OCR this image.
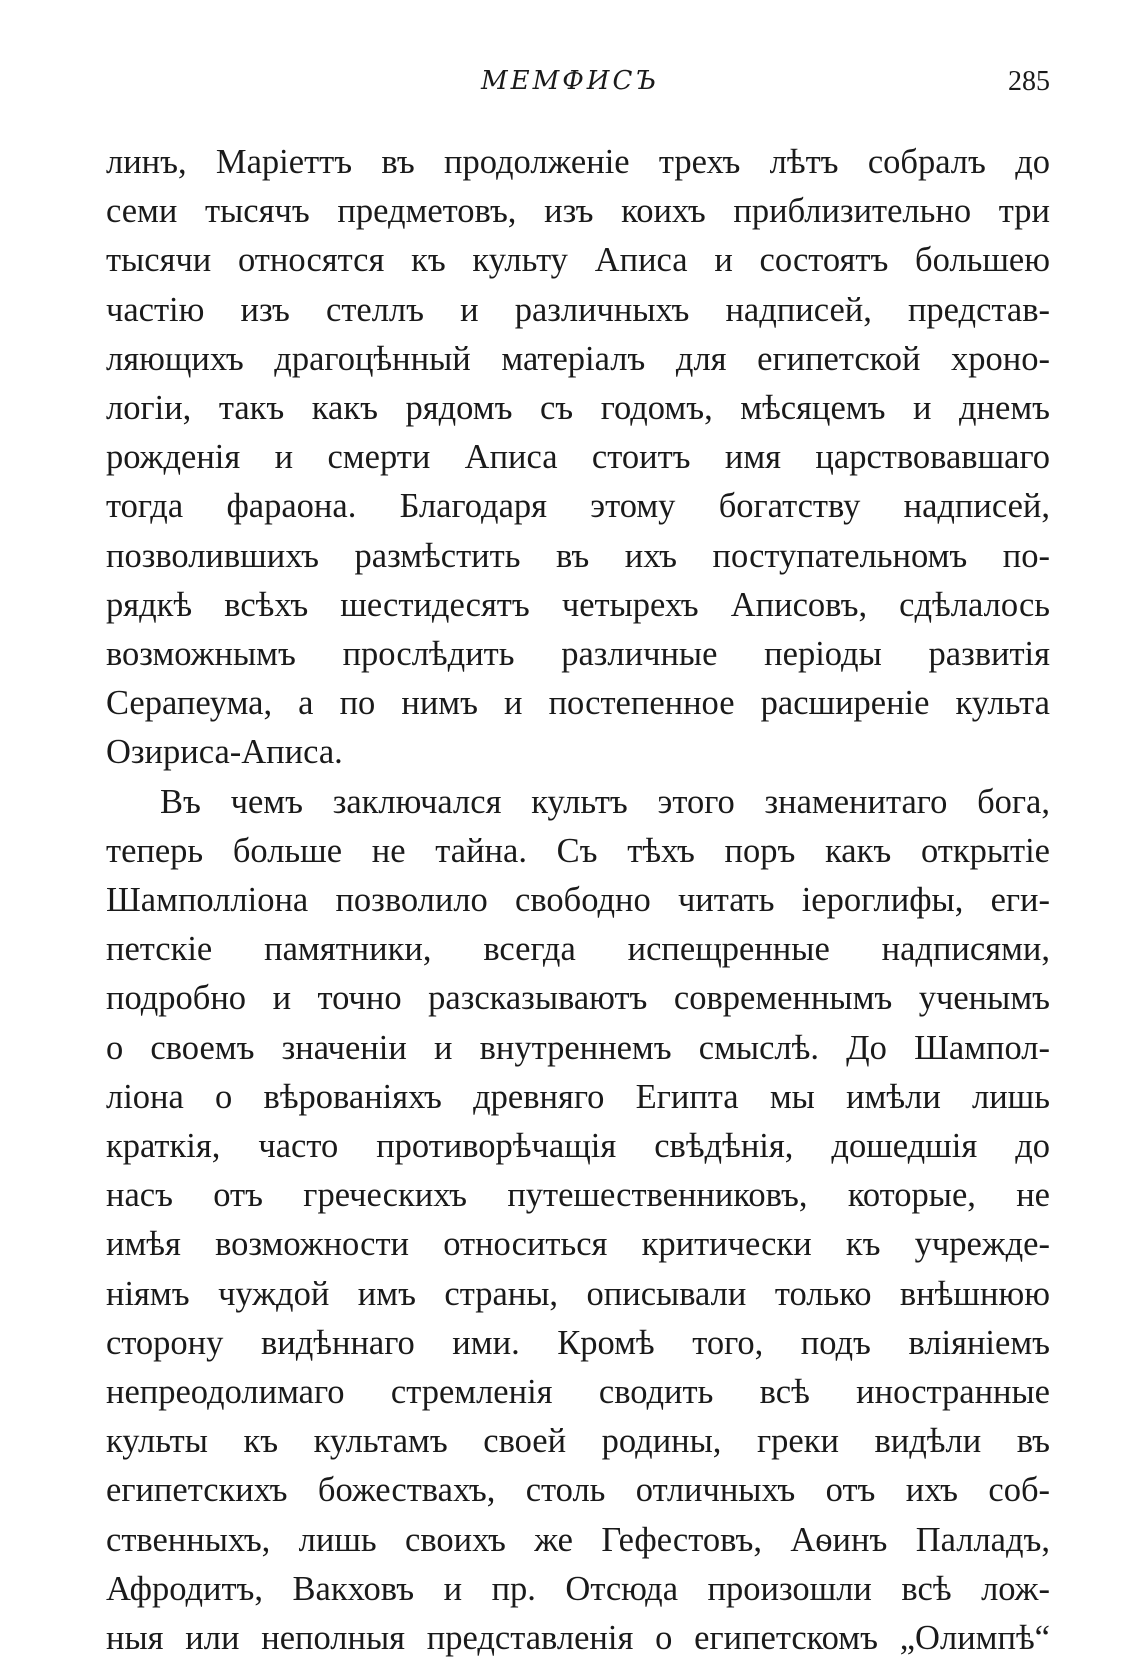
МЕМФИСЪ	285
линъ, Маріеттъ въ продолженіе трехъ лѣтъ собралъ до
семи тысячъ предметовъ, изъ коихъ приблизительно три
тысячи относятся къ культу Аписа и состоятъ большею
частію изъ стеллъ и различныхъ надписей, представ-
ляющихъ драгоцѣнный матеріалъ для египетской хроно-
логіи, такъ какъ рядомъ съ годомъ, мѣсяцемъ и днемъ
рожденія и смерти Аписа стоитъ имя царствовавшаго
тогда фараона. Благодаря этому богатству надписей,
позволившихъ размѣстить въ ихъ поступательномъ по-
рядкѣ всѣхъ шестидесятъ четырехъ Аписовъ, сдѣлалось
возможнымъ прослѣдить различные періоды развитія
Серапеума, а по нимъ и постепенное расширеніе культа
Озириса-Аписа.
Въ чемъ заключался культъ этого знаменитаго бога,
теперь больше не тайна. Съ тѣхъ поръ какъ открытіе
Шамполліона позволило свободно читать іероглифы, еги-
петскіе памятники, всегда испещренные надписями,
подробно и точно разсказываютъ современнымъ ученымъ
о своемъ значеніи и внутреннемъ смыслѣ. До Шампол-
ліона о вѣрованіяхъ древняго Египта мы имѣли лишь
краткія, часто противорѣчащія свѣдѣнія, дошедшія до
насъ отъ греческихъ путешественниковъ, которые, не
имѣя возможности относиться критически къ учрежде-
ніямъ чуждой имъ страны, описывали только внѣшнюю
сторону видѣннаго ими. Кромѣ того, подъ вліяніемъ
непреодолимаго стремленія сводить всѣ иностранные
культы къ культамъ своей родины, греки видѣли въ
египетскихъ божествахъ, столь отличныхъ отъ ихъ соб-
ственныхъ, лишь своихъ же Гефестовъ, Аѳинъ Палладъ,
Афродитъ, Вакховъ и пр. Отсюда произошли всѣ лож-
ныя или неполныя представленія о египетскомъ „Олимпѣ“
